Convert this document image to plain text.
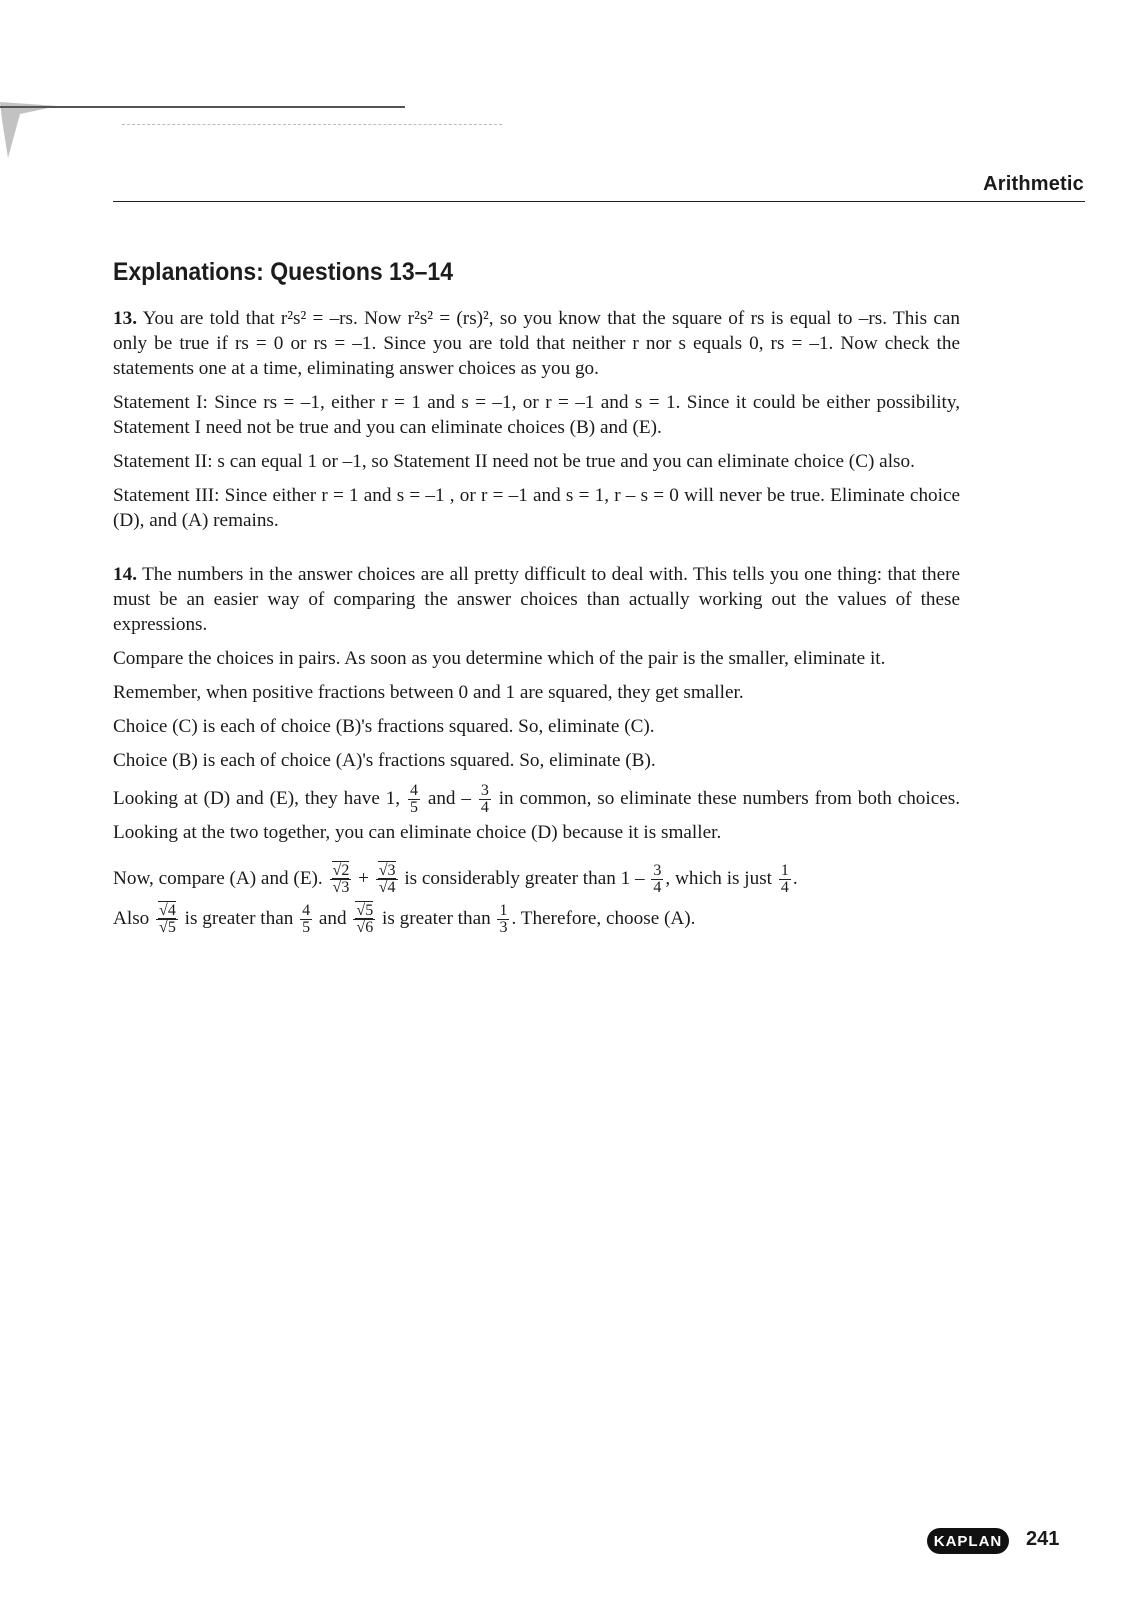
Arithmetic
Explanations: Questions 13–14

13. You are told that r²s² = –rs. Now r²s² = (rs)², so you know that the square of rs is equal to –rs. This can only be true if rs = 0 or rs = –1. Since you are told that neither r nor s equals 0, rs = –1. Now check the statements one at a time, eliminating answer choices as you go.

Statement I: Since rs = –1, either r = 1 and s = –1, or r = –1 and s = 1. Since it could be either possibility, Statement I need not be true and you can eliminate choices (B) and (E).

Statement II: s can equal 1 or –1, so Statement II need not be true and you can eliminate choice (C) also.

Statement III: Since either r = 1 and s = –1 , or r = –1 and s = 1, r – s = 0 will never be true. Eliminate choice (D), and (A) remains.

14. The numbers in the answer choices are all pretty difficult to deal with. This tells you one thing: that there must be an easier way of comparing the answer choices than actually working out the values of these expressions.

Compare the choices in pairs. As soon as you determine which of the pair is the smaller, eliminate it.

Remember, when positive fractions between 0 and 1 are squared, they get smaller.

Choice (C) is each of choice (B)'s fractions squared. So, eliminate (C).

Choice (B) is each of choice (A)'s fractions squared. So, eliminate (B).

Looking at (D) and (E), they have 1, $\frac{4}{5}$ and – $\frac{3}{4}$ in common, so eliminate these numbers from both choices. Looking at the two together, you can eliminate choice (D) because it is smaller.

Now, compare (A) and (E). $\frac{√2}{√3} + \frac{√3}{√4}$ is considerably greater than $1 - \frac{3}{4}$ , which is just $\frac{1}{4}$ .
Also $\frac{√4}{√5}$ is greater than $\frac{4}{5}$ and $\frac{√5}{√6}$ is greater than $\frac{1}{3}$ . Therefore, choose (A).

KAPLAN	241
